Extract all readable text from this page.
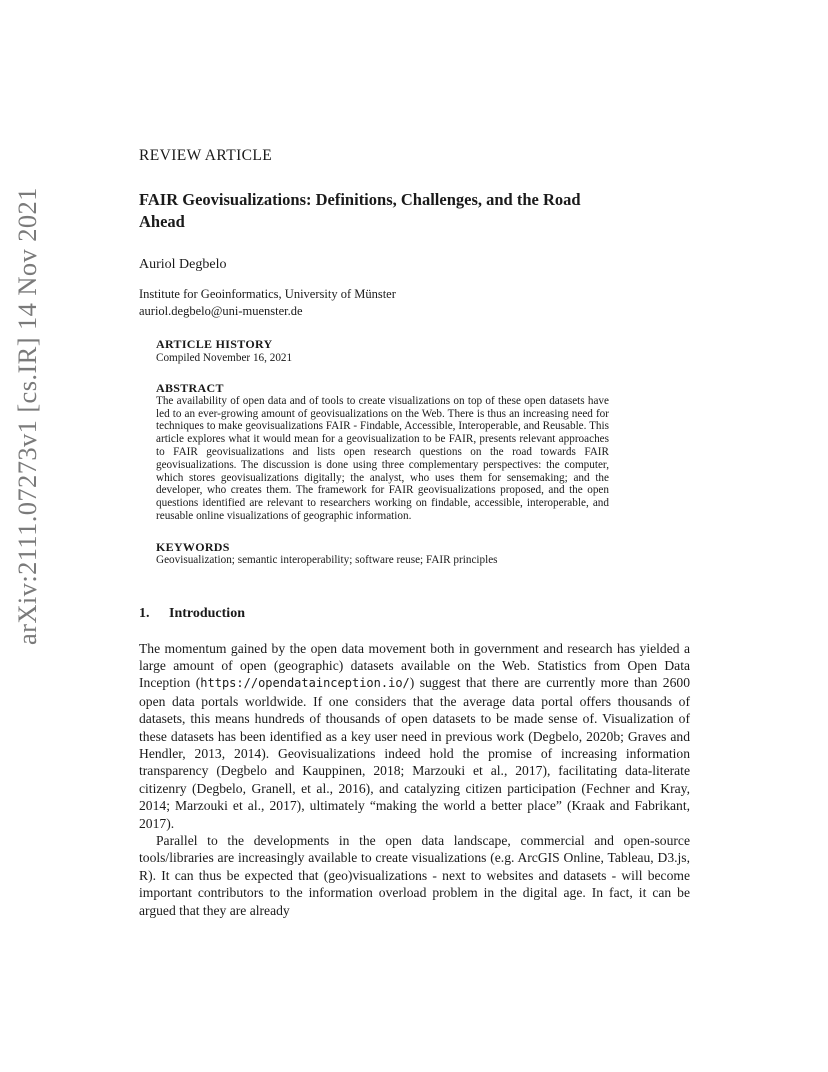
arXiv:2111.07273v1 [cs.IR] 14 Nov 2021
REVIEW ARTICLE
FAIR Geovisualizations: Definitions, Challenges, and the Road
Ahead
Auriol Degbelo
Institute for Geoinformatics, University of Münster
auriol.degbelo@uni-muenster.de
ARTICLE HISTORY
Compiled November 16, 2021
ABSTRACT

The availability of open data and of tools to create visualizations on top of these open datasets have led to an ever-growing amount of geovisualizations on the Web. There is thus an increasing need for techniques to make geovisualizations FAIR - Findable, Accessible, Interoperable, and Reusable. This article explores what it would mean for a geovisualization to be FAIR, presents relevant approaches to FAIR geovisualizations and lists open research questions on the road towards FAIR geovisualizations. The discussion is done using three complementary perspectives: the computer, which stores geovisualizations digitally; the analyst, who uses them for sensemaking; and the developer, who creates them. The framework for FAIR geovisualizations proposed, and the open questions identified are relevant to researchers working on findable, accessible, interoperable, and reusable online visualizations of geographic information.

KEYWORDS
Geovisualization; semantic interoperability; software reuse; FAIR principles
1. Introduction

The momentum gained by the open data movement both in government and research has yielded a large amount of open (geographic) datasets available on the Web. Statistics from Open Data Inception (https://opendatainception.io/) suggest that there are currently more than 2600 open data portals worldwide. If one considers that the average data portal offers thousands of datasets, this means hundreds of thousands of open datasets to be made sense of. Visualization of these datasets has been identified as a key user need in previous work (Degbelo, 2020b; Graves and Hendler, 2013, 2014). Geovisualizations indeed hold the promise of increasing information transparency (Degbelo and Kauppinen, 2018; Marzouki et al., 2017), facilitating data-literate citizenry (Degbelo, Granell, et al., 2016), and catalyzing citizen participation (Fechner and Kray, 2014; Marzouki et al., 2017), ultimately “making the world a better place” (Kraak and Fabrikant, 2017).

Parallel to the developments in the open data landscape, commercial and open-source tools/libraries are increasingly available to create visualizations (e.g. ArcGIS Online, Tableau, D3.js, R). It can thus be expected that (geo)visualizations - next to websites and datasets - will become important contributors to the information overload problem in the digital age. In fact, it can be argued that they are already
